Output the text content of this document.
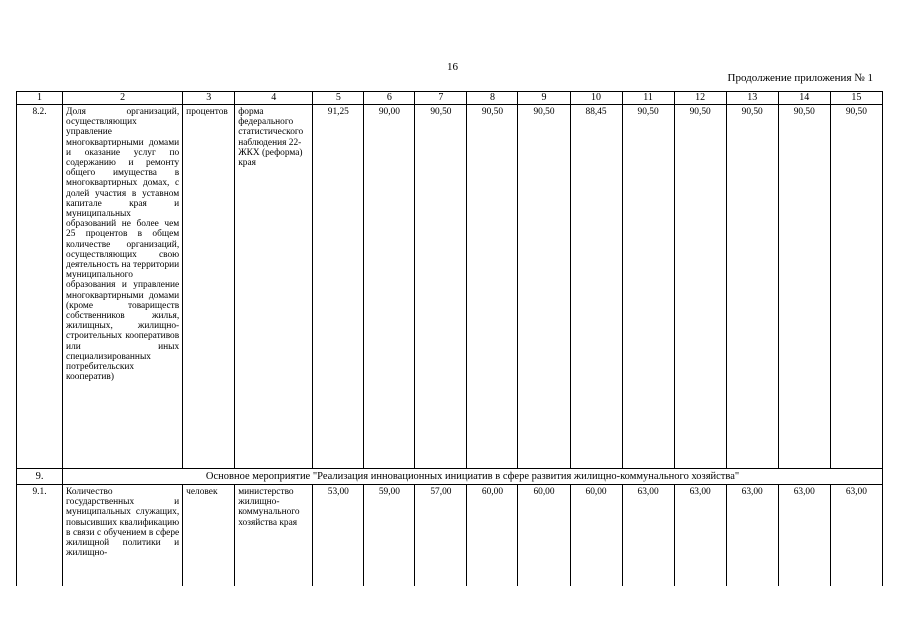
16
Продолжение приложения № 1
1	2	3	4	5	6	7	8	9	10	11	12	13	14	15
8.2.	Доля организаций, осуществляющих управление многоквартирными домами и оказание услуг по содержанию и ремонту общего имущества в многоквартирных домах, с долей участия в уставном капитале края и муниципальных образований не более чем 25 процентов в общем количестве организаций, осуществляющих свою деятельность на территории муниципального образования и управление многоквартирными домами (кроме товариществ собственников жилья, жилищных, жилищно-строительных кооперативов или иных специализированных потребительских кооператив)	процентов	форма федерального статистического наблюдения 22-ЖКХ (реформа) края	91,25	90,00	90,50	90,50	90,50	88,45	90,50	90,50	90,50	90,50	90,50
9.	Основное мероприятие "Реализация инновационных инициатив в сфере развития жилищно-коммунального хозяйства"													
9.1.	Количество государственных и муниципальных служащих, повысивших квалификацию в связи с обучением в сфере жилищной политики и жилищно-	человек	министерство жилищно-коммунального хозяйства края	53,00	59,00	57,00	60,00	60,00	60,00	63,00	63,00	63,00	63,00	63,00
